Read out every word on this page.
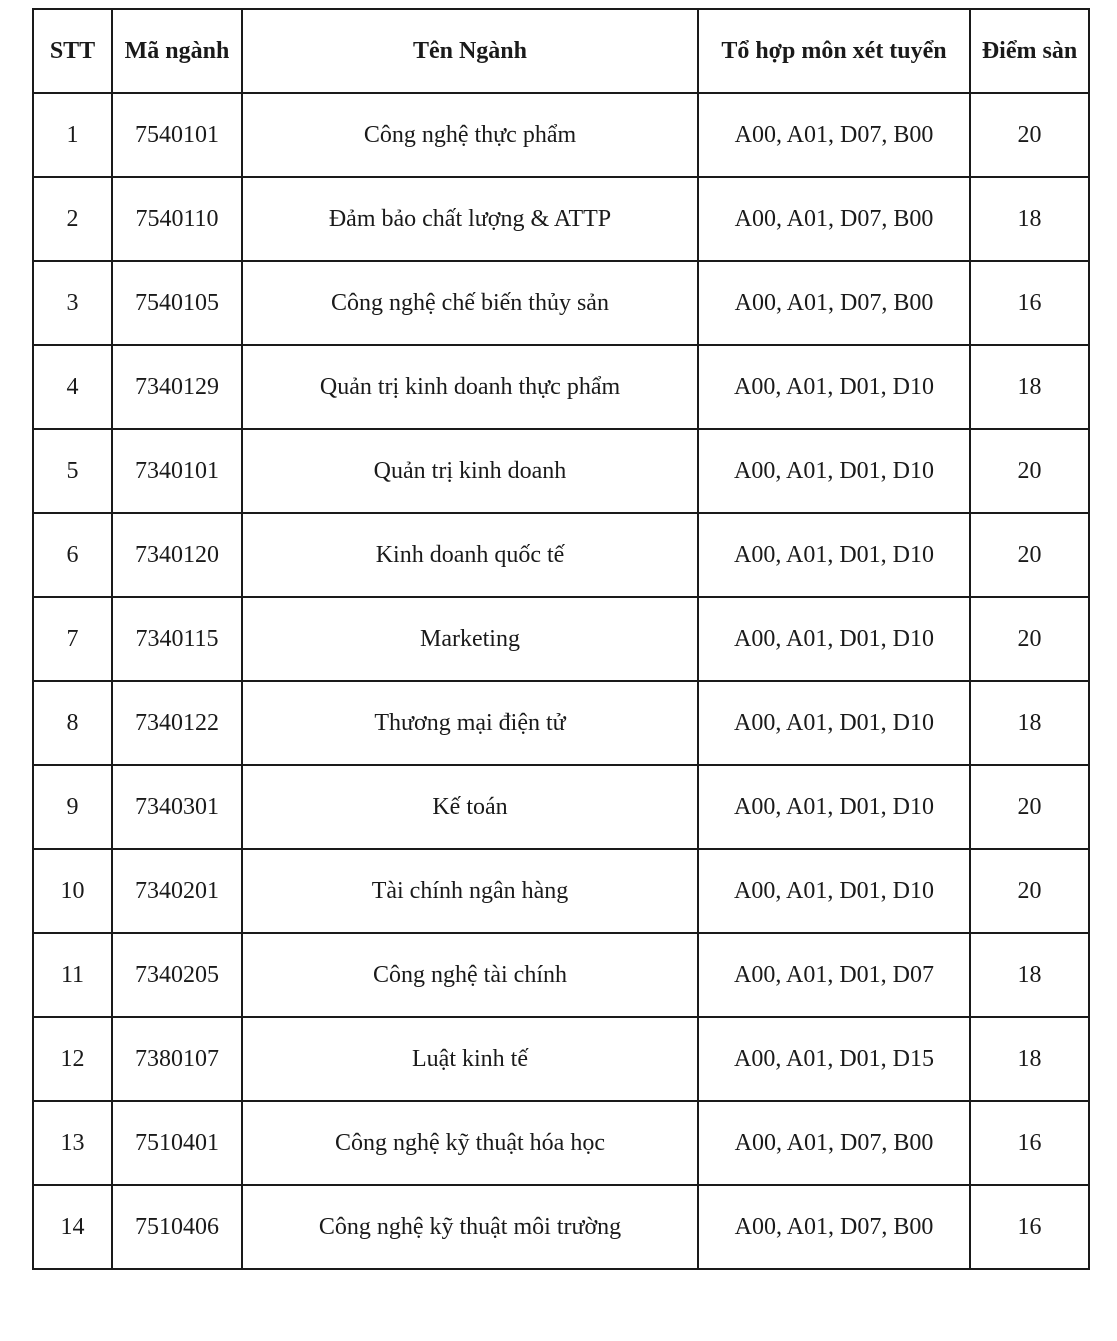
STT	Mã ngành	Tên Ngành	Tổ hợp môn xét tuyển	Điểm sàn
1	7540101	Công nghệ thực phẩm	A00, A01, D07, B00	20
2	7540110	Đảm bảo chất lượng & ATTP	A00, A01, D07, B00	18
3	7540105	Công nghệ chế biến thủy sản	A00, A01, D07, B00	16
4	7340129	Quản trị kinh doanh thực phẩm	A00, A01, D01, D10	18
5	7340101	Quản trị kinh doanh	A00, A01, D01, D10	20
6	7340120	Kinh doanh quốc tế	A00, A01, D01, D10	20
7	7340115	Marketing	A00, A01, D01, D10	20
8	7340122	Thương mại điện tử	A00, A01, D01, D10	18
9	7340301	Kế toán	A00, A01, D01, D10	20
10	7340201	Tài chính ngân hàng	A00, A01, D01, D10	20
11	7340205	Công nghệ tài chính	A00, A01, D01, D07	18
12	7380107	Luật kinh tế	A00, A01, D01, D15	18
13	7510401	Công nghệ kỹ thuật hóa học	A00, A01, D07, B00	16
14	7510406	Công nghệ kỹ thuật môi trường	A00, A01, D07, B00	16
